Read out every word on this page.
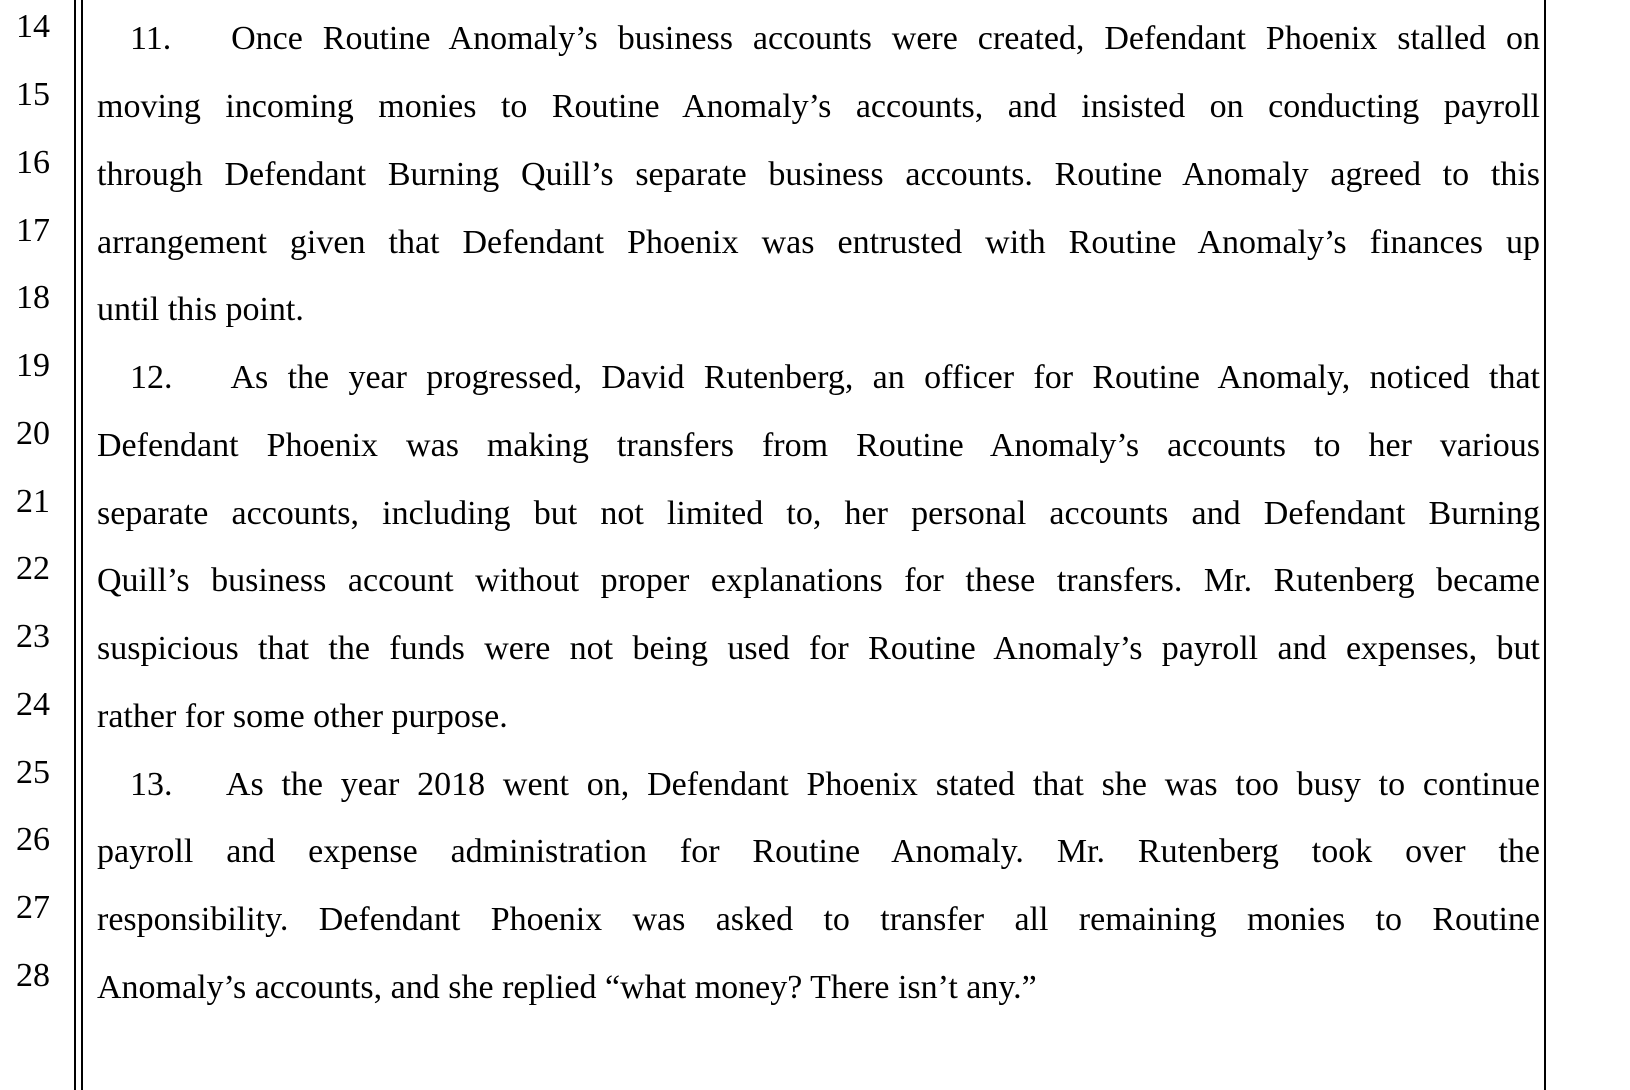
14
15
16
17
18
19
20
21
22
23
24
25
26
27
28
11. Once Routine Anomaly’s business accounts were created, Defendant Phoenix stalled on
moving incoming monies to Routine Anomaly’s accounts, and insisted on conducting payroll
through Defendant Burning Quill’s separate business accounts. Routine Anomaly agreed to this
arrangement given that Defendant Phoenix was entrusted with Routine Anomaly’s finances up
until this point.
12. As the year progressed, David Rutenberg, an officer for Routine Anomaly, noticed that
Defendant Phoenix was making transfers from Routine Anomaly’s accounts to her various
separate accounts, including but not limited to, her personal accounts and Defendant Burning
Quill’s business account without proper explanations for these transfers. Mr. Rutenberg became
suspicious that the funds were not being used for Routine Anomaly’s payroll and expenses, but
rather for some other purpose.
13. As the year 2018 went on, Defendant Phoenix stated that she was too busy to continue
payroll and expense administration for Routine Anomaly. Mr. Rutenberg took over the
responsibility. Defendant Phoenix was asked to transfer all remaining monies to Routine
Anomaly’s accounts, and she replied “what money? There isn’t any.”
